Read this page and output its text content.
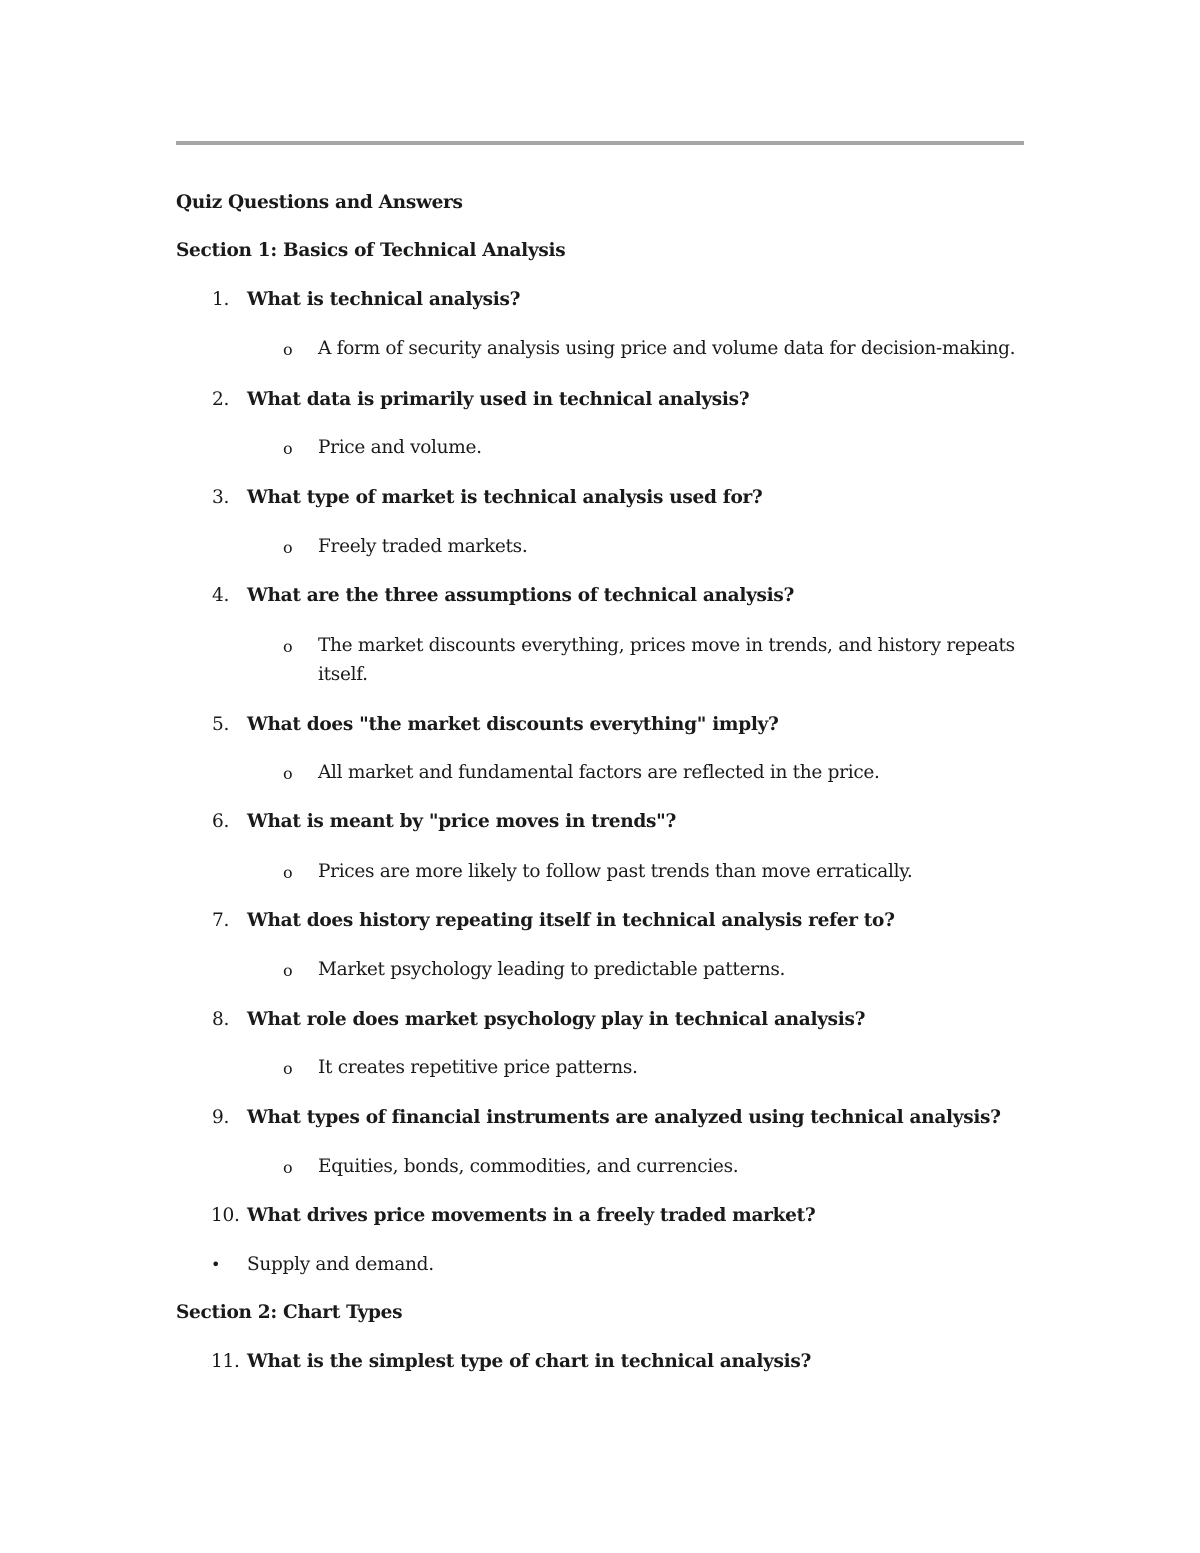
Quiz Questions and Answers
Section 1: Basics of Technical Analysis
1. What is technical analysis?
o A form of security analysis using price and volume data for decision-making.
2. What data is primarily used in technical analysis?
o Price and volume.
3. What type of market is technical analysis used for?
o Freely traded markets.
4. What are the three assumptions of technical analysis?
o The market discounts everything, prices move in trends, and history repeats
itself.
5. What does "the market discounts everything" imply?
o All market and fundamental factors are reflected in the price.
6. What is meant by "price moves in trends"?
o Prices are more likely to follow past trends than move erratically.
7. What does history repeating itself in technical analysis refer to?
o Market psychology leading to predictable patterns.
8. What role does market psychology play in technical analysis?
o It creates repetitive price patterns.
9. What types of financial instruments are analyzed using technical analysis?
o Equities, bonds, commodities, and currencies.
10. What drives price movements in a freely traded market?
• Supply and demand.
Section 2: Chart Types
11. What is the simplest type of chart in technical analysis?
